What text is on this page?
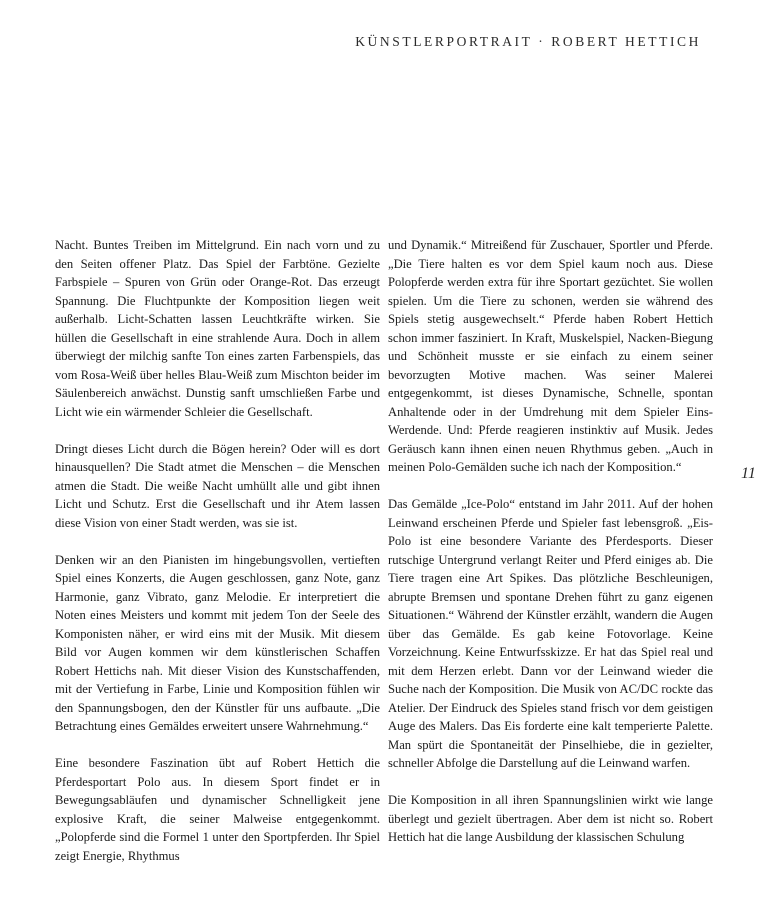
KÜNSTLERPORTRAIT · ROBERT HETTICH

Nacht. Buntes Treiben im Mittelgrund. Ein nach vorn und zu den Seiten offener Platz. Das Spiel der Farbtöne. Gezielte Farbspiele – Spuren von Grün oder Orange-Rot. Das erzeugt Spannung. Die Fluchtpunkte der Komposition liegen weit außerhalb. Licht-Schatten lassen Leuchtkräfte wirken. Sie hüllen die Gesellschaft in eine strahlende Aura. Doch in allem überwiegt der milchig sanfte Ton eines zarten Farbenspiels, das vom Rosa-Weiß über helles Blau-Weiß zum Mischton beider im Säulenbereich anwächst. Dunstig sanft umschließen Farbe und Licht wie ein wärmender Schleier die Gesellschaft.

Dringt dieses Licht durch die Bögen herein? Oder will es dort hinausquellen? Die Stadt atmet die Menschen – die Menschen atmen die Stadt. Die weiße Nacht umhüllt alle und gibt ihnen Licht und Schutz. Erst die Gesellschaft und ihr Atem lassen diese Vision von einer Stadt werden, was sie ist.

Denken wir an den Pianisten im hingebungsvollen, vertieften Spiel eines Konzerts, die Augen geschlossen, ganz Note, ganz Harmonie, ganz Vibrato, ganz Melodie. Er interpretiert die Noten eines Meisters und kommt mit jedem Ton der Seele des Komponisten näher, er wird eins mit der Musik. Mit diesem Bild vor Augen kommen wir dem künstlerischen Schaffen Robert Hettichs nah. Mit dieser Vision des Kunstschaffenden, mit der Vertiefung in Farbe, Linie und Komposition fühlen wir den Spannungsbogen, den der Künstler für uns aufbaute. „Die Betrachtung eines Gemäldes erweitert unsere Wahrnehmung.“

Eine besondere Faszination übt auf Robert Hettich die Pferdesportart Polo aus. In diesem Sport findet er in Bewegungsabläufen und dynamischer Schnelligkeit jene explosive Kraft, die seiner Malweise entgegenkommt. „Polopferde sind die Formel 1 unter den Sportpferden. Ihr Spiel zeigt Energie, Rhythmus

und Dynamik.“ Mitreißend für Zuschauer, Sportler und Pferde. „Die Tiere halten es vor dem Spiel kaum noch aus. Diese Polopferde werden extra für ihre Sportart gezüchtet. Sie wollen spielen. Um die Tiere zu schonen, werden sie während des Spiels stetig ausgewechselt.“ Pferde haben Robert Hettich schon immer fasziniert. In Kraft, Muskelspiel, Nacken-Biegung und Schönheit musste er sie einfach zu einem seiner bevorzugten Motive machen. Was seiner Malerei entgegenkommt, ist dieses Dynamische, Schnelle, spontan Anhaltende oder in der Umdrehung mit dem Spieler Eins-Werdende. Und: Pferde reagieren instinktiv auf Musik. Jedes Geräusch kann ihnen einen neuen Rhythmus geben. „Auch in meinen Polo-Gemälden suche ich nach der Komposition.“

Das Gemälde „Ice-Polo“ entstand im Jahr 2011. Auf der hohen Leinwand erscheinen Pferde und Spieler fast lebensgroß. „Eis-Polo ist eine besondere Variante des Pferdesports. Dieser rutschige Untergrund verlangt Reiter und Pferd einiges ab. Die Tiere tragen eine Art Spikes. Das plötzliche Beschleunigen, abrupte Bremsen und spontane Drehen führt zu ganz eigenen Situationen.“ Während der Künstler erzählt, wandern die Augen über das Gemälde. Es gab keine Fotovorlage. Keine Vorzeichnung. Keine Entwurfsskizze. Er hat das Spiel real und mit dem Herzen erlebt. Dann vor der Leinwand wieder die Suche nach der Komposition. Die Musik von AC/DC rockte das Atelier. Der Eindruck des Spieles stand frisch vor dem geistigen Auge des Malers. Das Eis forderte eine kalt temperierte Palette. Man spürt die Spontaneität der Pinselhiebe, die in gezielter, schneller Abfolge die Darstellung auf die Leinwand warfen.

Die Komposition in all ihren Spannungslinien wirkt wie lange überlegt und gezielt übertragen. Aber dem ist nicht so. Robert Hettich hat die lange Ausbildung der klassischen Schulung

11
